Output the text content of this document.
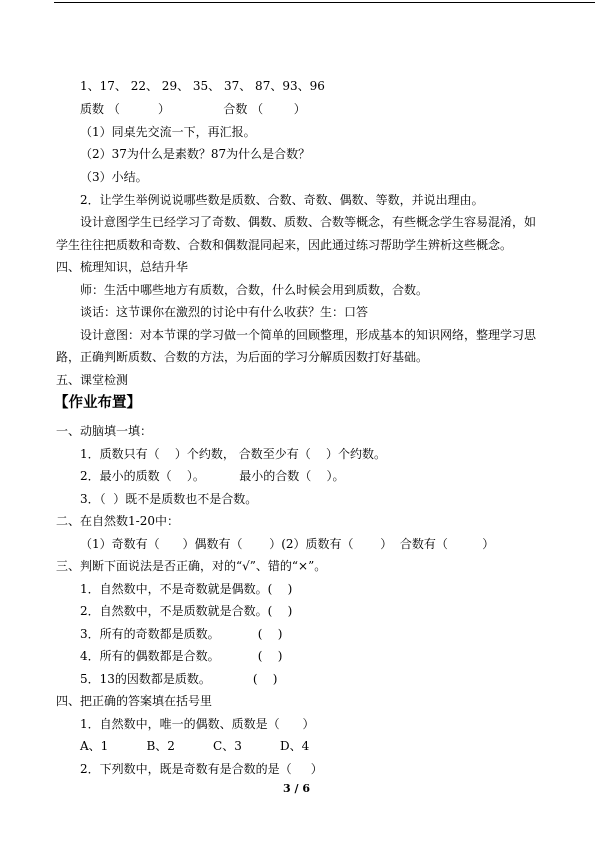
1、17、 22、 29、 35、 37、 87、93、96
质数 （          ）              合数 （        ）
（1）同桌先交流一下，再汇报。
（2）37为什么是素数？87为什么是合数？
（3）小结。
2．让学生举例说说哪些数是质数、合数、奇数、偶数、等数，并说出理由。
设计意图学生已经学习了奇数、偶数、质数、合数等概念，有些概念学生容易混淆，如
学生往往把质数和奇数、合数和偶数混同起来，因此通过练习帮助学生辨析这些概念。
四、梳理知识，总结升华
师：生活中哪些地方有质数，合数，什么时候会用到质数，合数。
谈话：这节课你在激烈的讨论中有什么收获？生：口答
设计意图：对本节课的学习做一个简单的回顾整理，形成基本的知识网络，整理学习思
路，正确判断质数、合数的方法，为后面的学习分解质因数打好基础。
五、课堂检测
【作业布置】
一、动脑填一填：
1．质数只有（    ）个约数， 合数至少有（    ）个约数。
2．最小的质数（    ）。         最小的合数（    ）。
3．（  ）既不是质数也不是合数。
二、在自然数1-20中：
（1）奇数有（      ）偶数有（       ）(2）质数有（       ）  合数有（         ）
三、判断下面说法是否正确，对的“√”、错的“×”。
1．自然数中，不是奇数就是偶数。(    )
2．自然数中，不是质数就是合数。(    )
3．所有的奇数都是质数。          (    )
4．所有的偶数都是合数。          (    )
5．13的因数都是质数。           (    )
四、把正确的答案填在括号里
1．自然数中，唯一的偶数、质数是（      ）
A、1          B、2          C、3          D、4
2．下列数中，既是奇数有是合数的是（     ）
3 / 6
